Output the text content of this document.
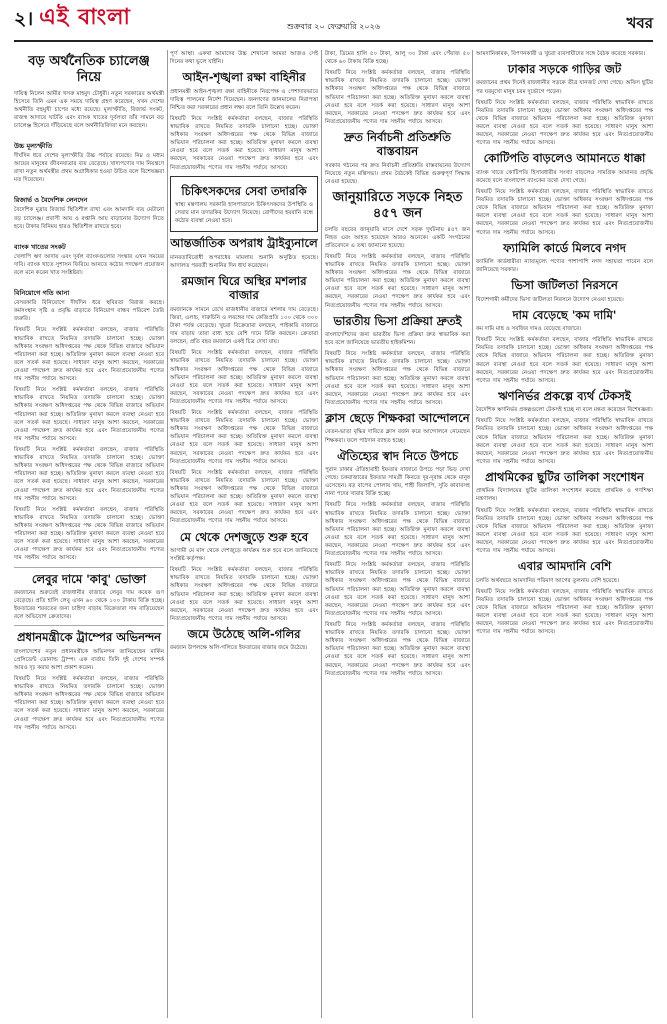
২। এই বাংলা	শুক্রবার ২০ ফেব্রুয়ারি ২০২৬	খবর
বড় অর্থনৈতিক চ্যালেঞ্জ নিয়ে

দায়িত্ব নিলেন আমীর খসরু মাহমুদ চৌধুরী। নতুন সরকারের অর্থমন্ত্রী হিসেবে তিনি এমন এক সময়ে দায়িত্ব গ্রহণ করেছেন, যখন দেশের অর্থনীতি বহুমুখী চাপের মধ্যে রয়েছে। মূল্যস্ফীতি, রিজার্ভ সংকট, রাজস্ব আদায়ে ঘাটতি এবং ব্যাংক খাতের দুর্বলতা তাঁর সামনে বড় চ্যালেঞ্জ হিসেবে দাঁড়িয়েছে বলে অর্থনীতিবিদরা মনে করছেন।

উচ্চ মূল্যস্ফীতি

দীর্ঘদিন ধরে দেশের মূল্যস্ফীতি উচ্চ পর্যায়ে রয়েছে। নিম্ন ও মধ্যম আয়ের মানুষের জীবনযাত্রার ব্যয় বেড়েছে। খাদ্যপণ্যের দাম নিয়ন্ত্রণে রাখা নতুন অর্থমন্ত্রীর প্রথম অগ্রাধিকার হওয়া উচিত বলে বিশেষজ্ঞরা মত দিয়েছেন।

রিজার্ভ ও বৈদেশিক লেনদেন

বৈদেশিক মুদ্রার রিজার্ভ স্থিতিশীল রাখা এবং আমদানি ব্যয় মেটানো বড় চ্যালেঞ্জ। প্রবাসী আয় ও রপ্তানি আয় বাড়ানোর উদ্যোগ নিতে হবে। টাকার বিনিময় হারও স্থিতিশীল রাখতে হবে।

ব্যাংক খাতের সংকট

খেলাপি ঋণ আদায় এবং দুর্বল ব্যাংকগুলোর সংস্কার এখন সময়ের দাবি। ব্যাংক খাতে সুশাসন ফিরিয়ে আনতে কঠোর পদক্ষেপ প্রয়োজন বলে মনে করেন খাত সংশ্লিষ্টরা।

বিনিয়োগে গতি আনা

বেসরকারি বিনিয়োগে দীর্ঘদিন ধরে স্থবিরতা বিরাজ করছে। কর্মসংস্থান সৃষ্টি ও প্রবৃদ্ধি বাড়াতে বিনিয়োগ বান্ধব পরিবেশ তৈরি জরুরি।

বিষয়টি নিয়ে সংশ্লিষ্ট কর্মকর্তারা বলছেন, বাজার পরিস্থিতি স্বাভাবিক রাখতে নিয়মিত তদারকি চালানো হচ্ছে। ভোক্তা অধিকার সংরক্ষণ অধিদপ্তরের পক্ষ থেকে বিভিন্ন বাজারে অভিযান পরিচালনা করা হচ্ছে। অতিরিক্ত মুনাফা করলে ব্যবস্থা নেওয়া হবে বলে সতর্ক করা হয়েছে। সাধারণ মানুষ আশা করছেন, সরকারের নেওয়া পদক্ষেপ দ্রুত কার্যকর হবে এবং নিত্যপ্রয়োজনীয় পণ্যের দাম সহনীয় পর্যায়ে আসবে।

বিষয়টি নিয়ে সংশ্লিষ্ট কর্মকর্তারা বলছেন, বাজার পরিস্থিতি স্বাভাবিক রাখতে নিয়মিত তদারকি চালানো হচ্ছে। ভোক্তা অধিকার সংরক্ষণ অধিদপ্তরের পক্ষ থেকে বিভিন্ন বাজারে অভিযান পরিচালনা করা হচ্ছে। অতিরিক্ত মুনাফা করলে ব্যবস্থা নেওয়া হবে বলে সতর্ক করা হয়েছে। সাধারণ মানুষ আশা করছেন, সরকারের নেওয়া পদক্ষেপ দ্রুত কার্যকর হবে এবং নিত্যপ্রয়োজনীয় পণ্যের দাম সহনীয় পর্যায়ে আসবে।

বিষয়টি নিয়ে সংশ্লিষ্ট কর্মকর্তারা বলছেন, বাজার পরিস্থিতি স্বাভাবিক রাখতে নিয়মিত তদারকি চালানো হচ্ছে। ভোক্তা অধিকার সংরক্ষণ অধিদপ্তরের পক্ষ থেকে বিভিন্ন বাজারে অভিযান পরিচালনা করা হচ্ছে। অতিরিক্ত মুনাফা করলে ব্যবস্থা নেওয়া হবে বলে সতর্ক করা হয়েছে। সাধারণ মানুষ আশা করছেন, সরকারের নেওয়া পদক্ষেপ দ্রুত কার্যকর হবে এবং নিত্যপ্রয়োজনীয় পণ্যের দাম সহনীয় পর্যায়ে আসবে।

বিষয়টি নিয়ে সংশ্লিষ্ট কর্মকর্তারা বলছেন, বাজার পরিস্থিতি স্বাভাবিক রাখতে নিয়মিত তদারকি চালানো হচ্ছে। ভোক্তা অধিকার সংরক্ষণ অধিদপ্তরের পক্ষ থেকে বিভিন্ন বাজারে অভিযান পরিচালনা করা হচ্ছে। অতিরিক্ত মুনাফা করলে ব্যবস্থা নেওয়া হবে বলে সতর্ক করা হয়েছে। সাধারণ মানুষ আশা করছেন, সরকারের নেওয়া পদক্ষেপ দ্রুত কার্যকর হবে এবং নিত্যপ্রয়োজনীয় পণ্যের দাম সহনীয় পর্যায়ে আসবে।

লেবুর দামে 'কাবু' ভোক্তা

রমজানের শুরুতেই রাজধানীর বাজারে লেবুর দাম কয়েক গুণ বেড়েছে। প্রতি হালি লেবু এখন ৬০ থেকে ১০০ টাকায় বিক্রি হচ্ছে। ইফতারের শরবতের জন্য চাহিদা বাড়ায় বিক্রেতারা দাম বাড়িয়েছেন বলে অভিযোগ ক্রেতাদের।

প্রধানমন্ত্রীকে ট্রাম্পের অভিনন্দন

বাংলাদেশের নতুন প্রধানমন্ত্রীকে অভিনন্দন জানিয়েছেন মার্কিন প্রেসিডেন্ট ডোনাল্ড ট্রাম্প। এক বার্তায় তিনি দুই দেশের সম্পর্ক আরও দৃঢ় করার আশা প্রকাশ করেন।

বিষয়টি নিয়ে সংশ্লিষ্ট কর্মকর্তারা বলছেন, বাজার পরিস্থিতি স্বাভাবিক রাখতে নিয়মিত তদারকি চালানো হচ্ছে। ভোক্তা অধিকার সংরক্ষণ অধিদপ্তরের পক্ষ থেকে বিভিন্ন বাজারে অভিযান পরিচালনা করা হচ্ছে। অতিরিক্ত মুনাফা করলে ব্যবস্থা নেওয়া হবে বলে সতর্ক করা হয়েছে। সাধারণ মানুষ আশা করছেন, সরকারের নেওয়া পদক্ষেপ দ্রুত কার্যকর হবে এবং নিত্যপ্রয়োজনীয় পণ্যের দাম সহনীয় পর্যায়ে আসবে।

পূর্ণ আস্থা। একথা আমাদের উচ্চ শেখানো আমরা আজও সেই দিনের কথা ভুলে যাইনি।

আইন-শৃঙ্খলা রক্ষা বাহিনীর

প্রধানমন্ত্রী আইন-শৃঙ্খলা রক্ষা বাহিনীকে নিরপেক্ষ ও পেশাদারভাবে দায়িত্ব পালনের নির্দেশ দিয়েছেন। জনগণের জানমালের নিরাপত্তা নিশ্চিত করা সরকারের প্রধান লক্ষ্য বলে তিনি উল্লেখ করেন।

বিষয়টি নিয়ে সংশ্লিষ্ট কর্মকর্তারা বলছেন, বাজার পরিস্থিতি স্বাভাবিক রাখতে নিয়মিত তদারকি চালানো হচ্ছে। ভোক্তা অধিকার সংরক্ষণ অধিদপ্তরের পক্ষ থেকে বিভিন্ন বাজারে অভিযান পরিচালনা করা হচ্ছে। অতিরিক্ত মুনাফা করলে ব্যবস্থা নেওয়া হবে বলে সতর্ক করা হয়েছে। সাধারণ মানুষ আশা করছেন, সরকারের নেওয়া পদক্ষেপ দ্রুত কার্যকর হবে এবং নিত্যপ্রয়োজনীয় পণ্যের দাম সহনীয় পর্যায়ে আসবে।

চিকিৎসকদের সেবা তদারকি

স্বাস্থ্য মন্ত্রণালয় সরকারি হাসপাতালে চিকিৎসকদের উপস্থিতি ও সেবার মান তদারকির উদ্যোগ নিয়েছে। রোগীদের হয়রানি বন্ধে কঠোর ব্যবস্থা নেওয়া হবে।

আন্তর্জাতিক অপরাধ ট্রাইব্যুনালে

মানবতাবিরোধী অপরাধের মামলায় শুনানি অনুষ্ঠিত হয়েছে। আদালত পরবর্তী শুনানির দিন ধার্য করেছেন।

রমজান ঘিরে অস্থির মশলার বাজার

রমজানকে সামনে রেখে রাজধানীর বাজারে মশলার দাম বেড়েছে। জিরা, এলাচ, দারুচিনি ও লবঙ্গের দাম কেজিপ্রতি ১০০ থেকে ৩০০ টাকা পর্যন্ত বেড়েছে। খুচরা বিক্রেতারা বলছেন, পাইকারি বাজারে দাম বাড়ায় তারা বাধ্য হয়ে বেশি দামে বিক্রি করছেন। ক্রেতারা বলছেন, প্রতি বছর রমজানে একই চিত্র দেখা যায়।

বিষয়টি নিয়ে সংশ্লিষ্ট কর্মকর্তারা বলছেন, বাজার পরিস্থিতি স্বাভাবিক রাখতে নিয়মিত তদারকি চালানো হচ্ছে। ভোক্তা অধিকার সংরক্ষণ অধিদপ্তরের পক্ষ থেকে বিভিন্ন বাজারে অভিযান পরিচালনা করা হচ্ছে। অতিরিক্ত মুনাফা করলে ব্যবস্থা নেওয়া হবে বলে সতর্ক করা হয়েছে। সাধারণ মানুষ আশা করছেন, সরকারের নেওয়া পদক্ষেপ দ্রুত কার্যকর হবে এবং নিত্যপ্রয়োজনীয় পণ্যের দাম সহনীয় পর্যায়ে আসবে।

বিষয়টি নিয়ে সংশ্লিষ্ট কর্মকর্তারা বলছেন, বাজার পরিস্থিতি স্বাভাবিক রাখতে নিয়মিত তদারকি চালানো হচ্ছে। ভোক্তা অধিকার সংরক্ষণ অধিদপ্তরের পক্ষ থেকে বিভিন্ন বাজারে অভিযান পরিচালনা করা হচ্ছে। অতিরিক্ত মুনাফা করলে ব্যবস্থা নেওয়া হবে বলে সতর্ক করা হয়েছে। সাধারণ মানুষ আশা করছেন, সরকারের নেওয়া পদক্ষেপ দ্রুত কার্যকর হবে এবং নিত্যপ্রয়োজনীয় পণ্যের দাম সহনীয় পর্যায়ে আসবে।

বিষয়টি নিয়ে সংশ্লিষ্ট কর্মকর্তারা বলছেন, বাজার পরিস্থিতি স্বাভাবিক রাখতে নিয়মিত তদারকি চালানো হচ্ছে। ভোক্তা অধিকার সংরক্ষণ অধিদপ্তরের পক্ষ থেকে বিভিন্ন বাজারে অভিযান পরিচালনা করা হচ্ছে। অতিরিক্ত মুনাফা করলে ব্যবস্থা নেওয়া হবে বলে সতর্ক করা হয়েছে। সাধারণ মানুষ আশা করছেন, সরকারের নেওয়া পদক্ষেপ দ্রুত কার্যকর হবে এবং নিত্যপ্রয়োজনীয় পণ্যের দাম সহনীয় পর্যায়ে আসবে।

মে থেকে দেশজুড়ে শুরু হবে

আগামী মে মাস থেকে দেশজুড়ে কার্যক্রম শুরু হবে বলে জানিয়েছে সংশ্লিষ্ট কর্তৃপক্ষ।

বিষয়টি নিয়ে সংশ্লিষ্ট কর্মকর্তারা বলছেন, বাজার পরিস্থিতি স্বাভাবিক রাখতে নিয়মিত তদারকি চালানো হচ্ছে। ভোক্তা অধিকার সংরক্ষণ অধিদপ্তরের পক্ষ থেকে বিভিন্ন বাজারে অভিযান পরিচালনা করা হচ্ছে। অতিরিক্ত মুনাফা করলে ব্যবস্থা নেওয়া হবে বলে সতর্ক করা হয়েছে। সাধারণ মানুষ আশা করছেন, সরকারের নেওয়া পদক্ষেপ দ্রুত কার্যকর হবে এবং নিত্যপ্রয়োজনীয় পণ্যের দাম সহনীয় পর্যায়ে আসবে।

জমে উঠেছে অলি-গলির

রমজান উপলক্ষে অলি-গলিতে ইফতারের বাজার জমে উঠেছে।

টাকা, ডিমের হালি ৫০ টাকা, আলু ৩০ টাকা এবং পেঁয়াজ ৫০ থেকে ৬০ টাকায় বিক্রি হচ্ছে।

বিষয়টি নিয়ে সংশ্লিষ্ট কর্মকর্তারা বলছেন, বাজার পরিস্থিতি স্বাভাবিক রাখতে নিয়মিত তদারকি চালানো হচ্ছে। ভোক্তা অধিকার সংরক্ষণ অধিদপ্তরের পক্ষ থেকে বিভিন্ন বাজারে অভিযান পরিচালনা করা হচ্ছে। অতিরিক্ত মুনাফা করলে ব্যবস্থা নেওয়া হবে বলে সতর্ক করা হয়েছে। সাধারণ মানুষ আশা করছেন, সরকারের নেওয়া পদক্ষেপ দ্রুত কার্যকর হবে এবং নিত্যপ্রয়োজনীয় পণ্যের দাম সহনীয় পর্যায়ে আসবে।

দ্রুত নির্বাচনী প্রতিশ্রুতি বাস্তবায়ন

সরকার গঠনের পর দ্রুত নির্বাচনী প্রতিশ্রুতি বাস্তবায়নের উদ্যোগ নিয়েছে নতুন মন্ত্রিসভা। প্রথম বৈঠকেই বিভিন্ন গুরুত্বপূর্ণ সিদ্ধান্ত নেওয়া হয়েছে।

জানুয়ারিতে সড়কে নিহত ৪৫৭ জন

চলতি বছরের জানুয়ারি মাসে দেশে সড়ক দুর্ঘটনায় ৪৫৭ জন নিহত এবং আহত হয়েছেন আরও অনেকে। একটি সংগঠনের প্রতিবেদনে এ তথ্য জানানো হয়েছে।

বিষয়টি নিয়ে সংশ্লিষ্ট কর্মকর্তারা বলছেন, বাজার পরিস্থিতি স্বাভাবিক রাখতে নিয়মিত তদারকি চালানো হচ্ছে। ভোক্তা অধিকার সংরক্ষণ অধিদপ্তরের পক্ষ থেকে বিভিন্ন বাজারে অভিযান পরিচালনা করা হচ্ছে। অতিরিক্ত মুনাফা করলে ব্যবস্থা নেওয়া হবে বলে সতর্ক করা হয়েছে। সাধারণ মানুষ আশা করছেন, সরকারের নেওয়া পদক্ষেপ দ্রুত কার্যকর হবে এবং নিত্যপ্রয়োজনীয় পণ্যের দাম সহনীয় পর্যায়ে আসবে।

ভারতীয় ভিসা প্রক্রিয়া দ্রুতই

বাংলাদেশিদের জন্য ভারতীয় ভিসা প্রক্রিয়া দ্রুত স্বাভাবিক করা হবে বলে জানিয়েছে ভারতীয় হাইকমিশন।

বিষয়টি নিয়ে সংশ্লিষ্ট কর্মকর্তারা বলছেন, বাজার পরিস্থিতি স্বাভাবিক রাখতে নিয়মিত তদারকি চালানো হচ্ছে। ভোক্তা অধিকার সংরক্ষণ অধিদপ্তরের পক্ষ থেকে বিভিন্ন বাজারে অভিযান পরিচালনা করা হচ্ছে। অতিরিক্ত মুনাফা করলে ব্যবস্থা নেওয়া হবে বলে সতর্ক করা হয়েছে। সাধারণ মানুষ আশা করছেন, সরকারের নেওয়া পদক্ষেপ দ্রুত কার্যকর হবে এবং নিত্যপ্রয়োজনীয় পণ্যের দাম সহনীয় পর্যায়ে আসবে।

ক্লাস ছেড়ে শিক্ষকরা আন্দোলনে

বেতন-ভাতা বৃদ্ধির দাবিতে ক্লাস বর্জন করে আন্দোলনে নেমেছেন শিক্ষকরা। ফলে পাঠদান ব্যাহত হচ্ছে।

ঐতিহ্যের স্বাদ নিতে উপচে

পুরান ঢাকার ঐতিহ্যবাহী ইফতার বাজারে উপচে পড়া ভিড় দেখা গেছে। চকবাজারের ইফতার সামগ্রী কিনতে দূর-দূরান্ত থেকে মানুষ এসেছেন। বড় বাপের পোলায় খায়, শাহী জিলাপি, সুতি কাবাবসহ নানা পদের খাবার বিক্রি হচ্ছে।

বিষয়টি নিয়ে সংশ্লিষ্ট কর্মকর্তারা বলছেন, বাজার পরিস্থিতি স্বাভাবিক রাখতে নিয়মিত তদারকি চালানো হচ্ছে। ভোক্তা অধিকার সংরক্ষণ অধিদপ্তরের পক্ষ থেকে বিভিন্ন বাজারে অভিযান পরিচালনা করা হচ্ছে। অতিরিক্ত মুনাফা করলে ব্যবস্থা নেওয়া হবে বলে সতর্ক করা হয়েছে। সাধারণ মানুষ আশা করছেন, সরকারের নেওয়া পদক্ষেপ দ্রুত কার্যকর হবে এবং নিত্যপ্রয়োজনীয় পণ্যের দাম সহনীয় পর্যায়ে আসবে।

বিষয়টি নিয়ে সংশ্লিষ্ট কর্মকর্তারা বলছেন, বাজার পরিস্থিতি স্বাভাবিক রাখতে নিয়মিত তদারকি চালানো হচ্ছে। ভোক্তা অধিকার সংরক্ষণ অধিদপ্তরের পক্ষ থেকে বিভিন্ন বাজারে অভিযান পরিচালনা করা হচ্ছে। অতিরিক্ত মুনাফা করলে ব্যবস্থা নেওয়া হবে বলে সতর্ক করা হয়েছে। সাধারণ মানুষ আশা করছেন, সরকারের নেওয়া পদক্ষেপ দ্রুত কার্যকর হবে এবং নিত্যপ্রয়োজনীয় পণ্যের দাম সহনীয় পর্যায়ে আসবে।

বিষয়টি নিয়ে সংশ্লিষ্ট কর্মকর্তারা বলছেন, বাজার পরিস্থিতি স্বাভাবিক রাখতে নিয়মিত তদারকি চালানো হচ্ছে। ভোক্তা অধিকার সংরক্ষণ অধিদপ্তরের পক্ষ থেকে বিভিন্ন বাজারে অভিযান পরিচালনা করা হচ্ছে। অতিরিক্ত মুনাফা করলে ব্যবস্থা নেওয়া হবে বলে সতর্ক করা হয়েছে। সাধারণ মানুষ আশা করছেন, সরকারের নেওয়া পদক্ষেপ দ্রুত কার্যকর হবে এবং নিত্যপ্রয়োজনীয় পণ্যের দাম সহনীয় পর্যায়ে আসবে।

আমদানিকারক, বিপণনকারী ও খুচরা ব্যবসায়ীদের সঙ্গে বৈঠক করেছে সরকার।

ঢাকার সড়কে গাড়ির জট

রমজানের প্রথম দিনেই রাজধানীর সড়কে তীব্র যানজট দেখা গেছে। অফিস ছুটির পর ঘরমুখো মানুষ চরম দুর্ভোগে পড়েন।

বিষয়টি নিয়ে সংশ্লিষ্ট কর্মকর্তারা বলছেন, বাজার পরিস্থিতি স্বাভাবিক রাখতে নিয়মিত তদারকি চালানো হচ্ছে। ভোক্তা অধিকার সংরক্ষণ অধিদপ্তরের পক্ষ থেকে বিভিন্ন বাজারে অভিযান পরিচালনা করা হচ্ছে। অতিরিক্ত মুনাফা করলে ব্যবস্থা নেওয়া হবে বলে সতর্ক করা হয়েছে। সাধারণ মানুষ আশা করছেন, সরকারের নেওয়া পদক্ষেপ দ্রুত কার্যকর হবে এবং নিত্যপ্রয়োজনীয় পণ্যের দাম সহনীয় পর্যায়ে আসবে।

কোটিপতি বাড়লেও আমানতে ধাক্কা

ব্যাংক খাতে কোটিপতি হিসাবধারীর সংখ্যা বাড়লেও সামগ্রিক আমানত প্রবৃদ্ধি কমেছে বলে বাংলাদেশ ব্যাংকের তথ্যে দেখা গেছে।

বিষয়টি নিয়ে সংশ্লিষ্ট কর্মকর্তারা বলছেন, বাজার পরিস্থিতি স্বাভাবিক রাখতে নিয়মিত তদারকি চালানো হচ্ছে। ভোক্তা অধিকার সংরক্ষণ অধিদপ্তরের পক্ষ থেকে বিভিন্ন বাজারে অভিযান পরিচালনা করা হচ্ছে। অতিরিক্ত মুনাফা করলে ব্যবস্থা নেওয়া হবে বলে সতর্ক করা হয়েছে। সাধারণ মানুষ আশা করছেন, সরকারের নেওয়া পদক্ষেপ দ্রুত কার্যকর হবে এবং নিত্যপ্রয়োজনীয় পণ্যের দাম সহনীয় পর্যায়ে আসবে।

ফ্যামিলি কার্ডে মিলবে নগদ

ফ্যামিলি কার্ডধারীরা ন্যায্যমূল্যে পণ্যের পাশাপাশি নগদ সহায়তা পাবেন বলে জানিয়েছে সরকার।

ভিসা জটিলতা নিরসনে

বিদেশগামী কর্মীদের ভিসা জটিলতা নিরসনে উদ্যোগ নেওয়া হয়েছে।

দাম বেড়েছে 'কম দামি'

কম দামি মাছ ও সবজির দামও বেড়েছে বাজারে।

বিষয়টি নিয়ে সংশ্লিষ্ট কর্মকর্তারা বলছেন, বাজার পরিস্থিতি স্বাভাবিক রাখতে নিয়মিত তদারকি চালানো হচ্ছে। ভোক্তা অধিকার সংরক্ষণ অধিদপ্তরের পক্ষ থেকে বিভিন্ন বাজারে অভিযান পরিচালনা করা হচ্ছে। অতিরিক্ত মুনাফা করলে ব্যবস্থা নেওয়া হবে বলে সতর্ক করা হয়েছে। সাধারণ মানুষ আশা করছেন, সরকারের নেওয়া পদক্ষেপ দ্রুত কার্যকর হবে এবং নিত্যপ্রয়োজনীয় পণ্যের দাম সহনীয় পর্যায়ে আসবে।

ঋণনির্ভর প্রকল্পে ব্যর্থ টেকসই

বৈদেশিক ঋণনির্ভর প্রকল্পগুলো টেকসই হচ্ছে না বলে মন্তব্য করেছেন বিশেষজ্ঞরা।

বিষয়টি নিয়ে সংশ্লিষ্ট কর্মকর্তারা বলছেন, বাজার পরিস্থিতি স্বাভাবিক রাখতে নিয়মিত তদারকি চালানো হচ্ছে। ভোক্তা অধিকার সংরক্ষণ অধিদপ্তরের পক্ষ থেকে বিভিন্ন বাজারে অভিযান পরিচালনা করা হচ্ছে। অতিরিক্ত মুনাফা করলে ব্যবস্থা নেওয়া হবে বলে সতর্ক করা হয়েছে। সাধারণ মানুষ আশা করছেন, সরকারের নেওয়া পদক্ষেপ দ্রুত কার্যকর হবে এবং নিত্যপ্রয়োজনীয় পণ্যের দাম সহনীয় পর্যায়ে আসবে।

প্রাথমিকের ছুটির তালিকা সংশোধন

প্রাথমিক বিদ্যালয়ের ছুটির তালিকা সংশোধন করেছে প্রাথমিক ও গণশিক্ষা মন্ত্রণালয়।

বিষয়টি নিয়ে সংশ্লিষ্ট কর্মকর্তারা বলছেন, বাজার পরিস্থিতি স্বাভাবিক রাখতে নিয়মিত তদারকি চালানো হচ্ছে। ভোক্তা অধিকার সংরক্ষণ অধিদপ্তরের পক্ষ থেকে বিভিন্ন বাজারে অভিযান পরিচালনা করা হচ্ছে। অতিরিক্ত মুনাফা করলে ব্যবস্থা নেওয়া হবে বলে সতর্ক করা হয়েছে। সাধারণ মানুষ আশা করছেন, সরকারের নেওয়া পদক্ষেপ দ্রুত কার্যকর হবে এবং নিত্যপ্রয়োজনীয় পণ্যের দাম সহনীয় পর্যায়ে আসবে।

এবার আমদানি বেশি

চলতি অর্থবছরে আমদানির পরিমাণ আগের তুলনায় বেশি হয়েছে।

বিষয়টি নিয়ে সংশ্লিষ্ট কর্মকর্তারা বলছেন, বাজার পরিস্থিতি স্বাভাবিক রাখতে নিয়মিত তদারকি চালানো হচ্ছে। ভোক্তা অধিকার সংরক্ষণ অধিদপ্তরের পক্ষ থেকে বিভিন্ন বাজারে অভিযান পরিচালনা করা হচ্ছে। অতিরিক্ত মুনাফা করলে ব্যবস্থা নেওয়া হবে বলে সতর্ক করা হয়েছে। সাধারণ মানুষ আশা করছেন, সরকারের নেওয়া পদক্ষেপ দ্রুত কার্যকর হবে এবং নিত্যপ্রয়োজনীয় পণ্যের দাম সহনীয় পর্যায়ে আসবে।
